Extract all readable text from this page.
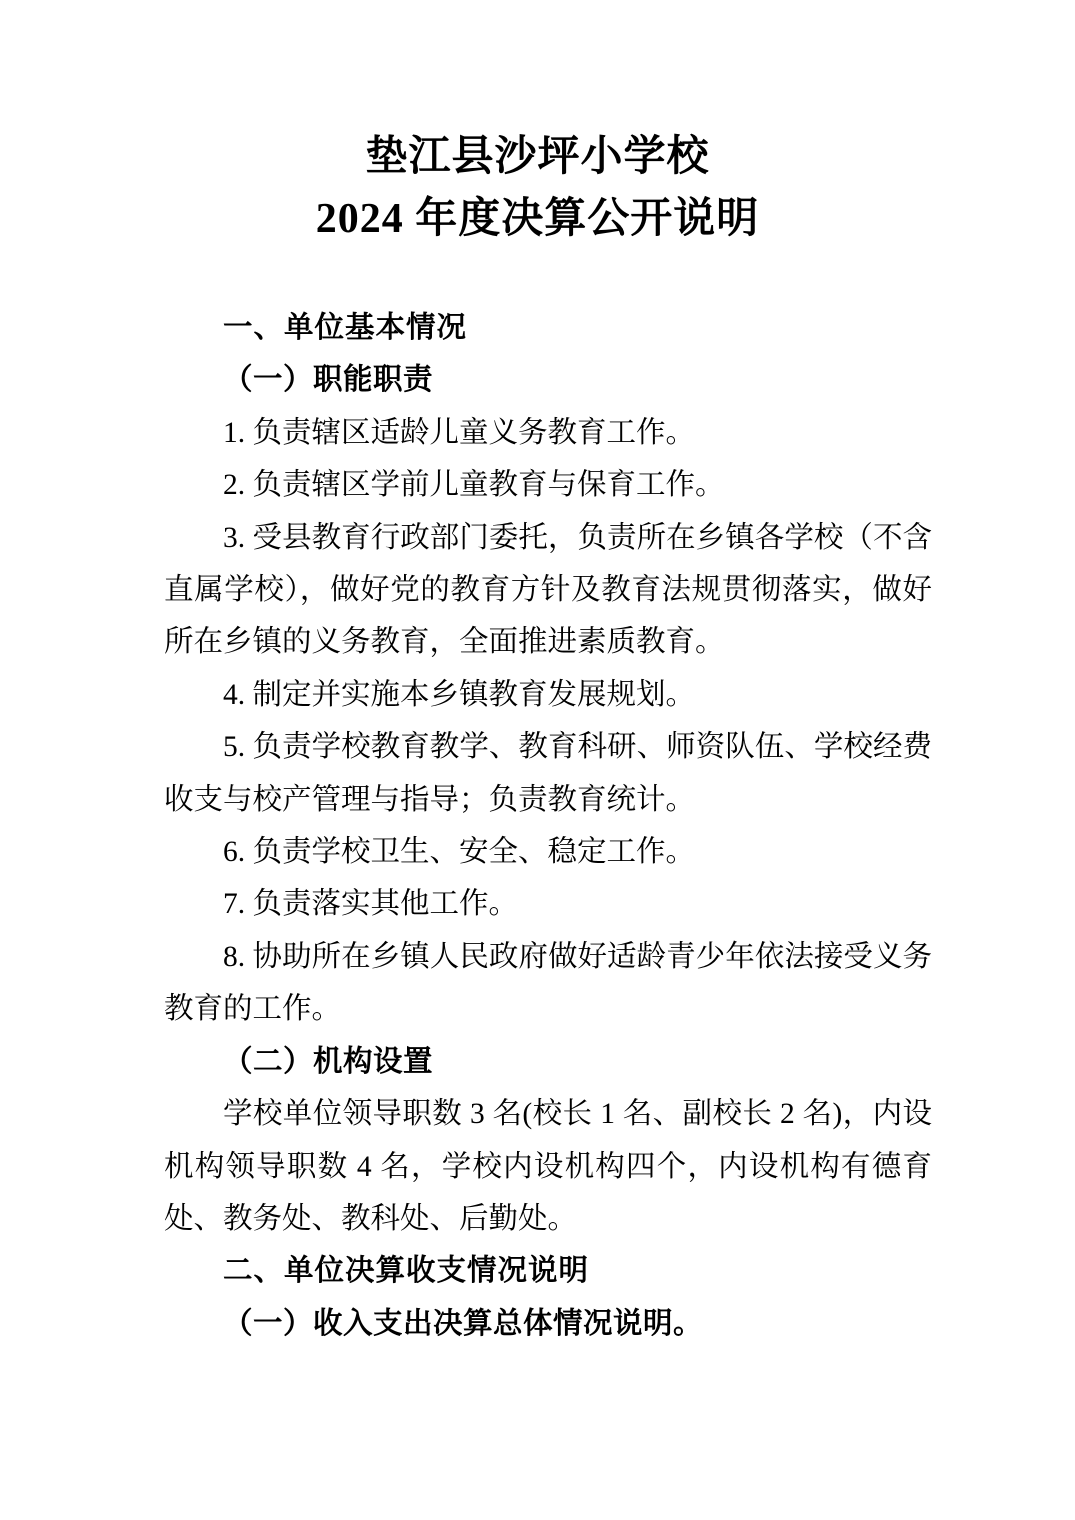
垫江县沙坪小学校
2024 年度决算公开说明

一、单位基本情况

（一）职能职责

1. 负责辖区适龄儿童义务教育工作。

2. 负责辖区学前儿童教育与保育工作。

3. 受县教育行政部门委托，负责所在乡镇各学校（不含直属学校），做好党的教育方针及教育法规贯彻落实，做好所在乡镇的义务教育，全面推进素质教育。

4. 制定并实施本乡镇教育发展规划。

5. 负责学校教育教学、教育科研、师资队伍、学校经费收支与校产管理与指导；负责教育统计。

6. 负责学校卫生、安全、稳定工作。

7. 负责落实其他工作。

8. 协助所在乡镇人民政府做好适龄青少年依法接受义务教育的工作。

（二）机构设置

学校单位领导职数 3 名(校长 1 名、副校长 2 名)，内设机构领导职数 4 名，学校内设机构四个，内设机构有德育处、教务处、教科处、后勤处。

二、单位决算收支情况说明

（一）收入支出决算总体情况说明。
